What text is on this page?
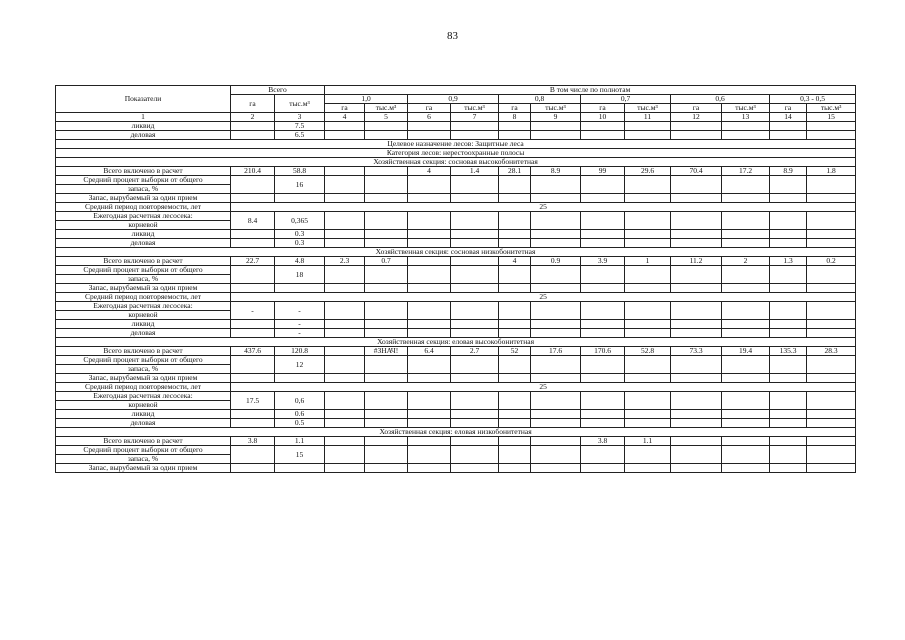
83
Показатели	Всего		В том числе по полнотам											
	га	тыс.м³	1,0		0,9		0,8		0,7		0,6		0,3 - 0,5	
			га	тыс.м³	га	тыс.м³	га	тыс.м³	га	тыс.м³	га	тыс.м³	га	тыс.м³
1	2	3	4	5	6	7	8	9	10	11	12	13	14	15
ликвид		7.5												
деловая		6.5												
Целевое назначение лесов: Защитные леса														
Категория лесов: нерестоохранные полосы														
Хозяйственная секция: сосновая высокобонитетная														
Всего включено в расчет	210.4	58.8			4	1.4	28.1	8.9	99	29.6	70.4	17.2	8.9	1.8
Средний процент выборки от общего		16												
запаса, %														
Запас, вырубаемый за один прием														
Средний период повторяемости, лет	25													
Ежегодная расчетная лесосека:	8.4	0,365												
корневой														
ликвид		0.3												
деловая		0.3												
Хозяйственная секция: сосновая низкобонитетная														
Всего включено в расчет	22.7	4.8	2.3	0.7			4	0.9	3.9	1	11.2	2	1.3	0.2
Средний процент выборки от общего		18												
запаса, %														
Запас, вырубаемый за один прием														
Средний период повторяемости, лет	25													
Ежегодная расчетная лесосека:	-	-												
корневой														
ликвид		-												
деловая		-												
Хозяйственная секция: еловая высокобонитетная														
Всего включено в расчет	437.6	120.8		#ЗНАЧ!	6.4	2.7	52	17.6	170.6	52.8	73.3	19.4	135.3	28.3
Средний процент выборки от общего		12												
запаса, %														
Запас, вырубаемый за один прием														
Средний период повторяемости, лет	25													
Ежегодная расчетная лесосека:	17.5	0,6												
корневой														
ликвид		0.6												
деловая		0.5												
Хозяйственная секция: еловая низкобонитетная														
Всего включено в расчет	3.8	1.1							3.8	1.1				
Средний процент выборки от общего		15												
запаса, %														
Запас, вырубаемый за один прием														
